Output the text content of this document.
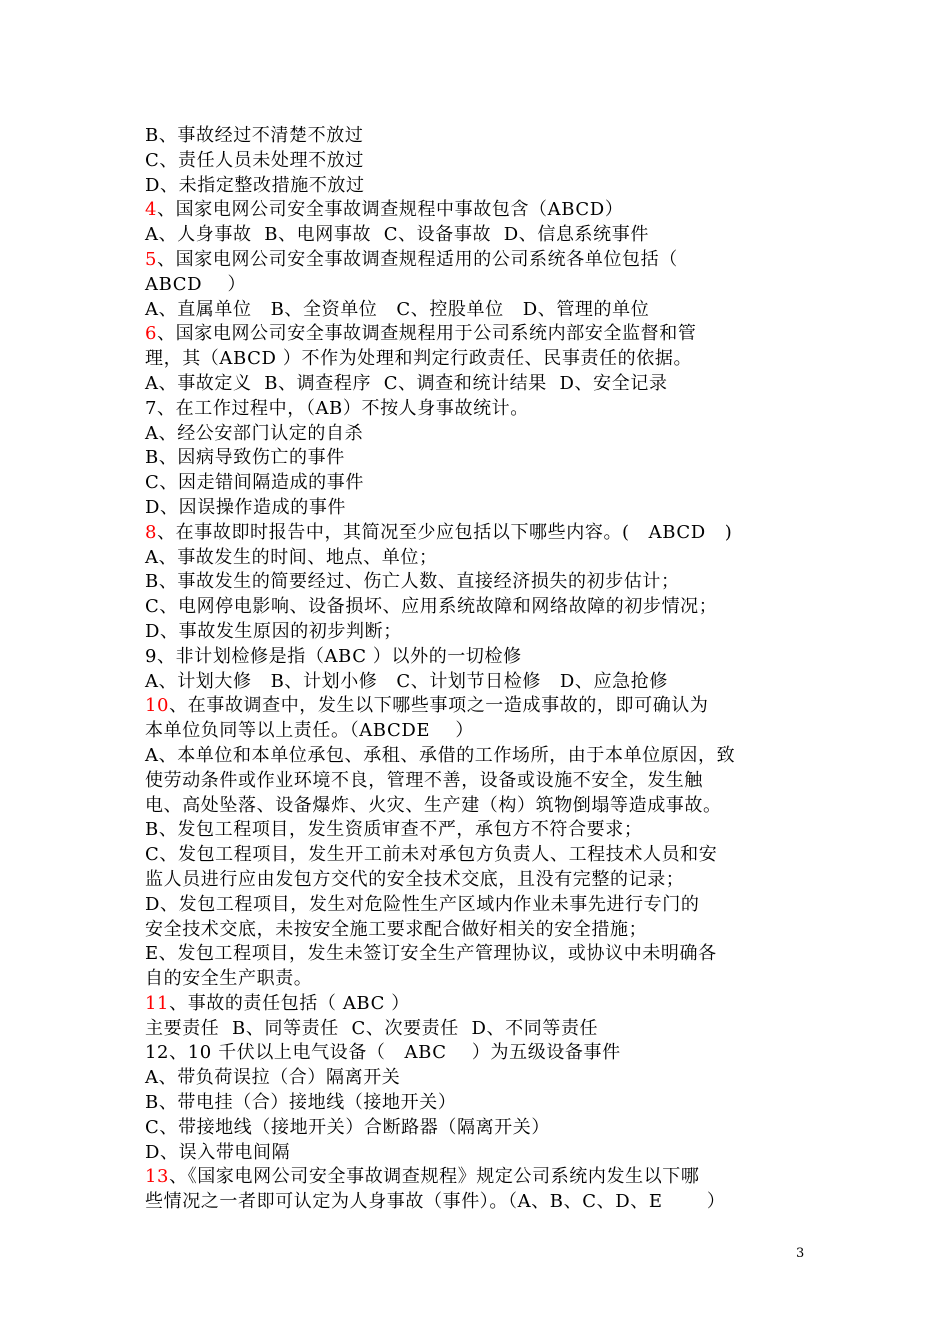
B、事故经过不清楚不放过
C、责任人员未处理不放过
D、未指定整改措施不放过
4、国家电网公司安全事故调查规程中事故包含（ABCD）
A、人身事故  B、电网事故  C、设备事故  D、信息系统事件
5、国家电网公司安全事故调查规程适用的公司系统各单位包括（
ABCD    ）
A、直属单位   B、全资单位   C、控股单位   D、管理的单位
6、国家电网公司安全事故调查规程用于公司系统内部安全监督和管
理，其（ABCD ）不作为处理和判定行政责任、民事责任的依据。
A、事故定义  B、调查程序  C、调查和统计结果  D、安全记录
7、在工作过程中，（AB）不按人身事故统计。
A、经公安部门认定的自杀
B、因病导致伤亡的事件
C、因走错间隔造成的事件
D、因误操作造成的事件
8、在事故即时报告中，其简况至少应包括以下哪些内容。(   ABCD   )
A、事故发生的时间、地点、单位；
B、事故发生的简要经过、伤亡人数、直接经济损失的初步估计；
C、电网停电影响、设备损坏、应用系统故障和网络故障的初步情况；
D、事故发生原因的初步判断；
9、非计划检修是指（ABC ）以外的一切检修
A、计划大修   B、计划小修   C、计划节日检修   D、应急抢修
10、在事故调查中，发生以下哪些事项之一造成事故的，即可确认为
本单位负同等以上责任。（ABCDE    ）
A、本单位和本单位承包、承租、承借的工作场所，由于本单位原因，致
使劳动条件或作业环境不良，管理不善，设备或设施不安全，发生触
电、高处坠落、设备爆炸、火灾、生产建（构）筑物倒塌等造成事故。
B、发包工程项目，发生资质审查不严，承包方不符合要求；
C、发包工程项目，发生开工前未对承包方负责人、工程技术人员和安
监人员进行应由发包方交代的安全技术交底，且没有完整的记录；
D、发包工程项目，发生对危险性生产区域内作业未事先进行专门的
安全技术交底，未按安全施工要求配合做好相关的安全措施；
E、发包工程项目，发生未签订安全生产管理协议，或协议中未明确各
自的安全生产职责。
11、事故的责任包括（ ABC ）
主要责任  B、同等责任  C、次要责任  D、不同等责任
12、10 千伏以上电气设备（   ABC    ）为五级设备事件
A、带负荷误拉（合）隔离开关
B、带电挂（合）接地线（接地开关）
C、带接地线（接地开关）合断路器（隔离开关）
D、误入带电间隔
13、《国家电网公司安全事故调查规程》规定公司系统内发生以下哪
些情况之一者即可认定为人身事故（事件）。（A、B、C、D、E       ）
3
